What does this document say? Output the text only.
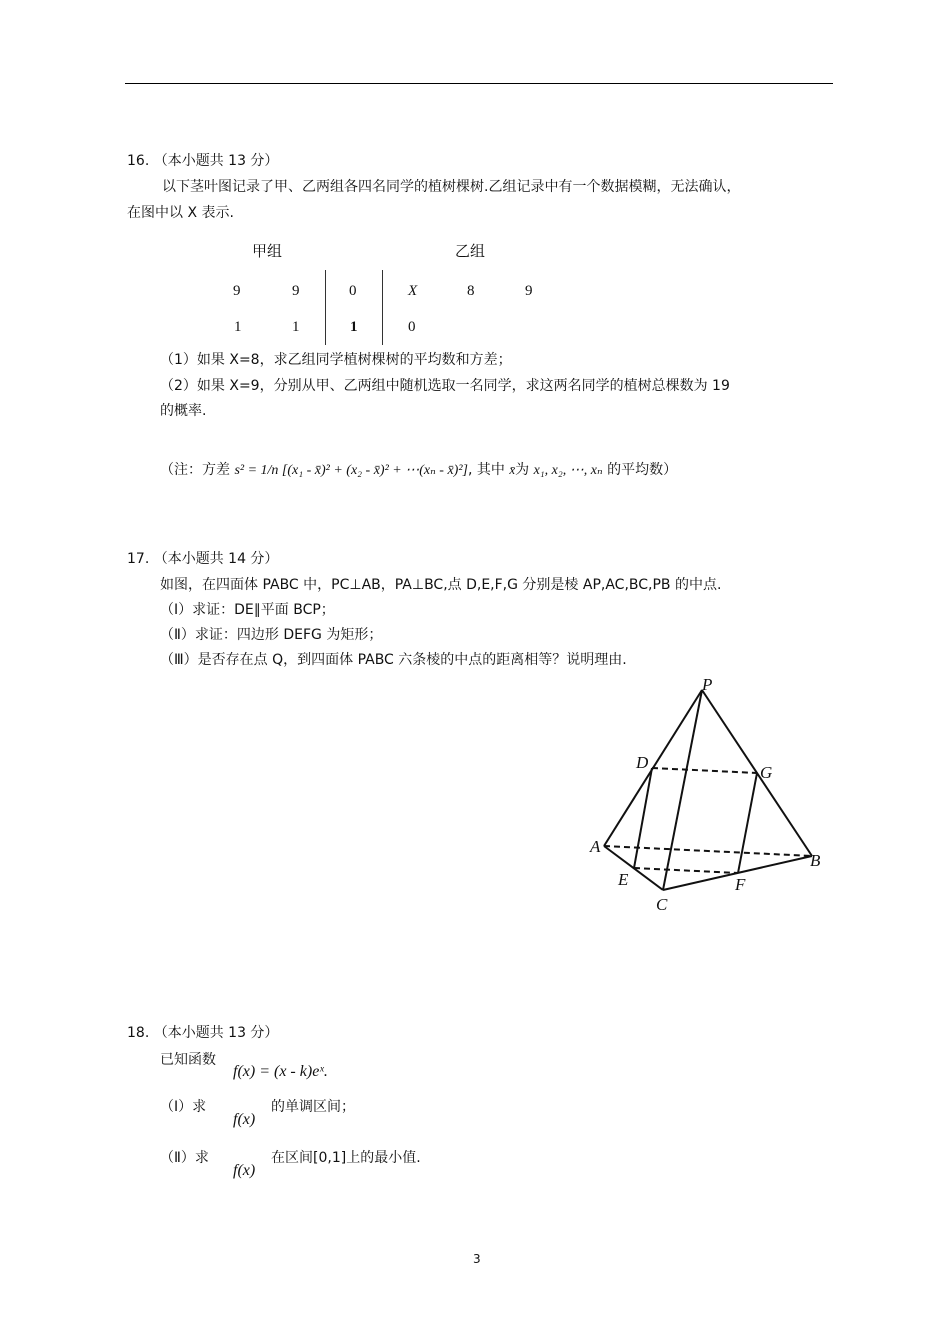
16. （本小题共 13 分）
以下茎叶图记录了甲、乙两组各四名同学的植树棵树.乙组记录中有一个数据模糊，无法确认，
在图中以 X 表示.
甲组	乙组
9	9	0	X	8	9
1	1	1	0
（1）如果 X=8，求乙组同学植树棵树的平均数和方差；
（2）如果 X=9，分别从甲、乙两组中随机选取一名同学，求这两名同学的植树总棵数为 19
的概率.
（注：方差 s² = 1/n [(x₁ - x̄)² + (x₂ - x̄)² + ⋯(xₙ - x̄)²], 其中 x̄为 x₁, x₂, ⋯, xₙ 的平均数）
17. （本小题共 14 分）
如图，在四面体 PABC 中，PC⊥AB，PA⊥BC,点 D,E,F,G 分别是棱 AP,AC,BC,PB 的中点.
（Ⅰ）求证：DE∥平面 BCP；
（Ⅱ）求证：四边形 DEFG 为矩形；
（Ⅲ）是否存在点 Q，到四面体 PABC 六条棱的中点的距离相等？说明理由.
P
D
G
A
B
E	F
C
18. （本小题共 13 分）
已知函数
f(x) = (x - k)eˣ.
（Ⅰ）求
f(x)
的单调区间；
（Ⅱ）求
f(x)
在区间[0,1]上的最小值.
3
